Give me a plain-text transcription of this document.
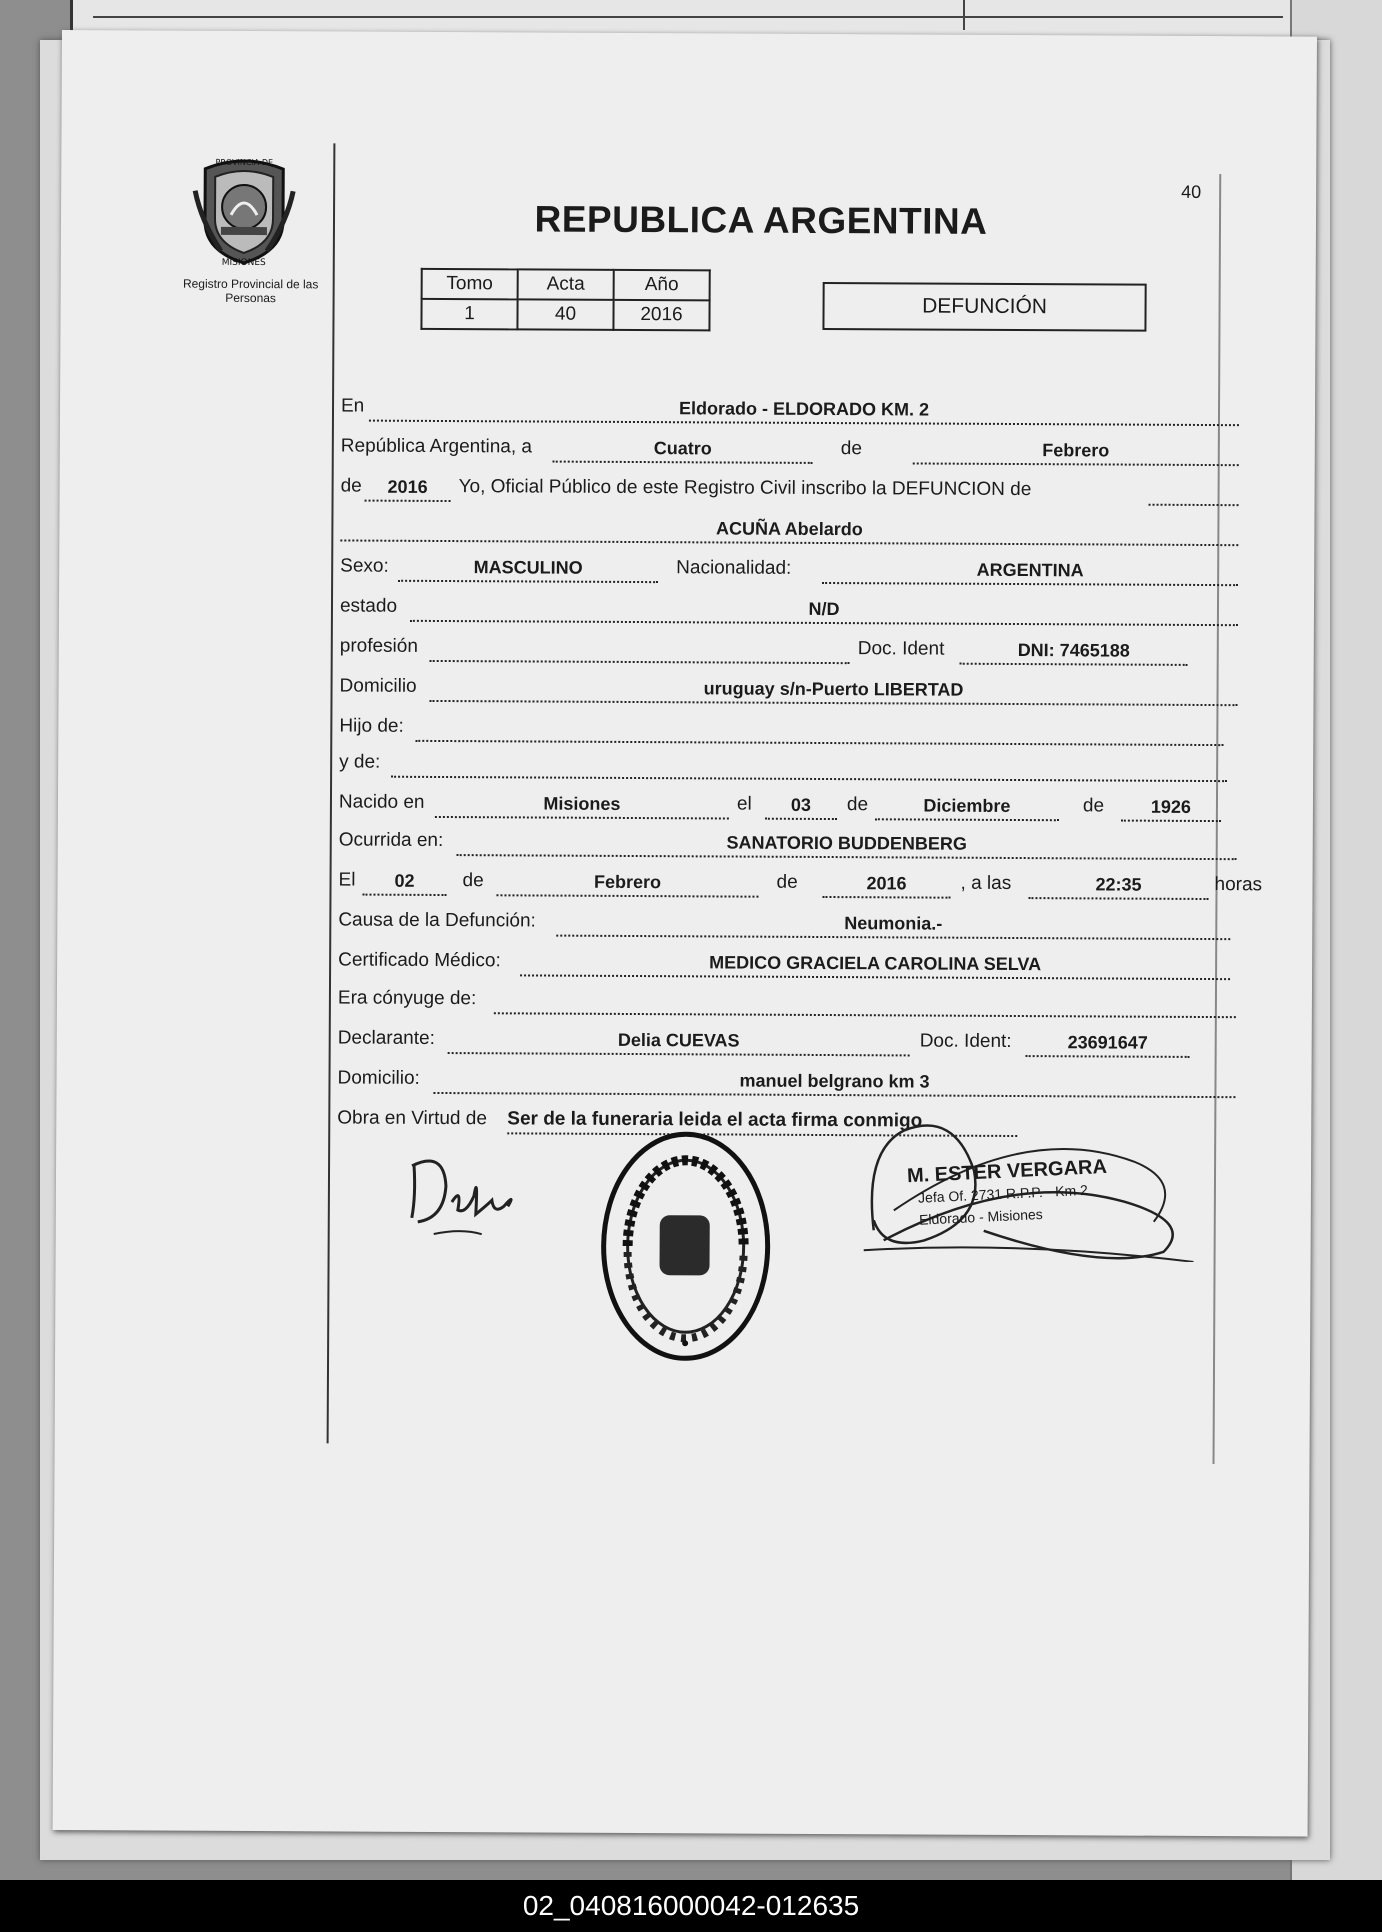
40
PROVINCIA DE
MISIONES
Registro Provincial de las Personas
REPUBLICA ARGENTINA
Tomo	Acta	Año
1	40	2016	DEFUNCIÓN
En	Eldorado - ELDORADO KM. 2
República Argentina, a	Cuatro	de	Febrero
de	2016	Yo, Oficial Público de este Registro Civil inscribo la DEFUNCION de
ACUÑA Abelardo
Sexo:	MASCULINO	Nacionalidad:	ARGENTINA
estado	N/D
profesión	Doc. Ident	DNI: 7465188
Domicilio	uruguay s/n-Puerto LIBERTAD
Hijo de:
y de:
Nacido en	Misiones	el	03	de	Diciembre	de	1926
Ocurrida en:	SANATORIO BUDDENBERG
El	02	de	Febrero	de	2016	, a las	22:35	horas
Causa de la Defunción:	Neumonia.-
Certificado Médico:	MEDICO GRACIELA CAROLINA SELVA
Era cónyuge de:
Declarante:	Delia CUEVAS	Doc. Ident:	23691647
Domicilio:	manuel belgrano km 3
Obra en Virtud de Ser de la funeraria leida el acta firma conmigo
M. ESTER VERGARA
Jefa Of. 2731 R.P.P. - Km 2
Eldorado - Misiones
02_040816000042-012635
